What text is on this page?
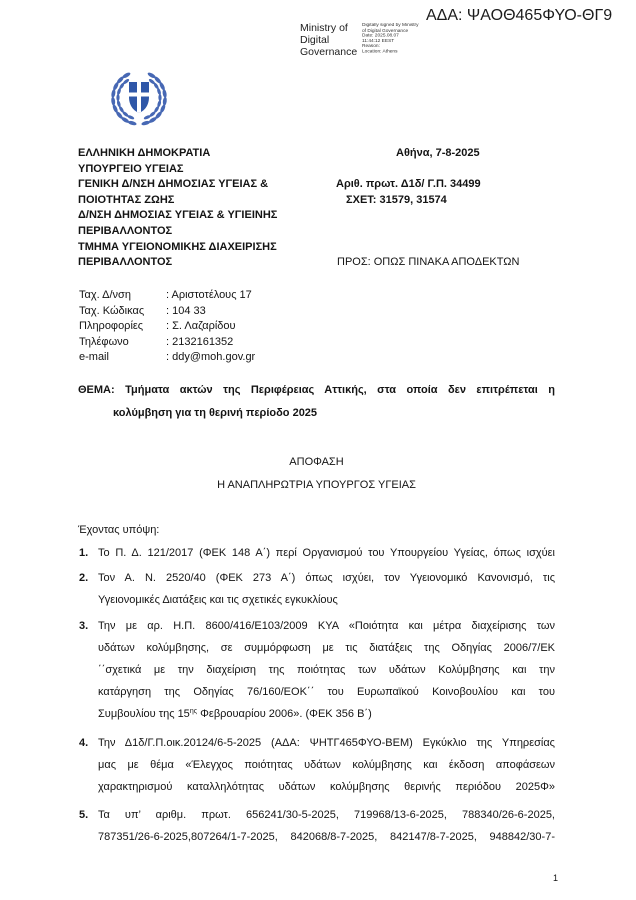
ΑΔΑ: ΨΑΟΘ465ΦΥΟ-ΘΓ9
Ministry of
Digital
Governance
Digitally signed by Ministry
of Digital Governance
Date: 2025.08.07
11:44:12 EEST
Reason:
Location: Athens
ΕΛΛΗΝΙΚΗ ΔΗΜΟΚΡΑΤΙΑ
ΥΠΟΥΡΓΕΙΟ ΥΓΕΙΑΣ
ΓΕΝΙΚΗ Δ/ΝΣΗ ΔΗΜΟΣΙΑΣ ΥΓΕΙΑΣ &
ΠΟΙΟΤΗΤΑΣ ΖΩΗΣ
Δ/ΝΣΗ ΔΗΜΟΣΙΑΣ ΥΓΕΙΑΣ & ΥΓΙΕΙΝΗΣ
ΠΕΡΙΒΑΛΛΟΝΤΟΣ
ΤΜΗΜΑ ΥΓΕΙΟΝΟΜΙΚΗΣ ΔΙΑΧΕΙΡΙΣΗΣ
ΠΕΡΙΒΑΛΛΟΝΤΟΣ
Αθήνα, 7-8-2025
Αριθ. πρωτ. Δ1δ/ Γ.Π. 34499
ΣΧΕΤ: 31579, 31574
ΠΡΟΣ: ΟΠΩΣ ΠΙΝΑΚΑ ΑΠΟΔΕΚΤΩΝ
Ταχ. Δ/νση	: Αριστοτέλους 17
Ταχ. Κώδικας	: 104 33
Πληροφορίες	: Σ. Λαζαρίδου
Τηλέφωνο	: 2132161352
e-mail	: ddy@moh.gov.gr
ΘΕΜΑ: Τμήματα ακτών της Περιφέρειας Αττικής, στα οποία δεν επιτρέπεται η
κολύμβηση για τη θερινή περίοδο 2025
ΑΠΟΦΑΣΗ
Η ΑΝΑΠΛΗΡΩΤΡΙΑ ΥΠΟΥΡΓΟΣ ΥΓΕΙΑΣ
Έχοντας υπόψη:
1. Το Π. Δ. 121/2017 (ΦΕΚ 148 Α΄) περί Οργανισμού του Υπουργείου Υγείας, όπως ισχύει
2. Τον Α. Ν. 2520/40 (ΦΕΚ 273 Α΄) όπως ισχύει, τον Υγειονομικό Κανονισμό, τις
Υγειονομικές Διατάξεις και τις σχετικές εγκυκλίους
3. Την με αρ. Η.Π. 8600/416/Ε103/2009 ΚΥΑ «Ποιότητα και μέτρα διαχείρισης των
υδάτων κολύμβησης, σε συμμόρφωση με τις διατάξεις της Οδηγίας 2006/7/ΕΚ
΄΄σχετικά με την διαχείριση της ποιότητας των υδάτων Κολύμβησης και την
κατάργηση της Οδηγίας 76/160/ΕΟΚ΄΄ του Ευρωπαϊκού Κοινοβουλίου και του
Συμβουλίου της $15^{\eta\varsigma}$ Φεβρουαρίου 2006». (ΦΕΚ 356 Β΄)
4. Την Δ1δ/Γ.Π.οικ.20124/6-5-2025 (ΑΔΑ: ΨΗΤΓ465ΦΥΟ-ΒΕΜ) Εγκύκλιο της Υπηρεσίας
μας με θέμα «Έλεγχος ποιότητας υδάτων κολύμβησης και έκδοση αποφάσεων
χαρακτηρισμού καταλληλότητας υδάτων κολύμβησης θερινής περιόδου 2025Φ»
5. Τα υπ’ αριθμ. πρωτ. 656241/30-5-2025, 719968/13-6-2025, 788340/26-6-2025,
787351/26-6-2025,807264/1-7-2025, 842068/8-7-2025, 842147/8-7-2025, 948842/30-7-
1
